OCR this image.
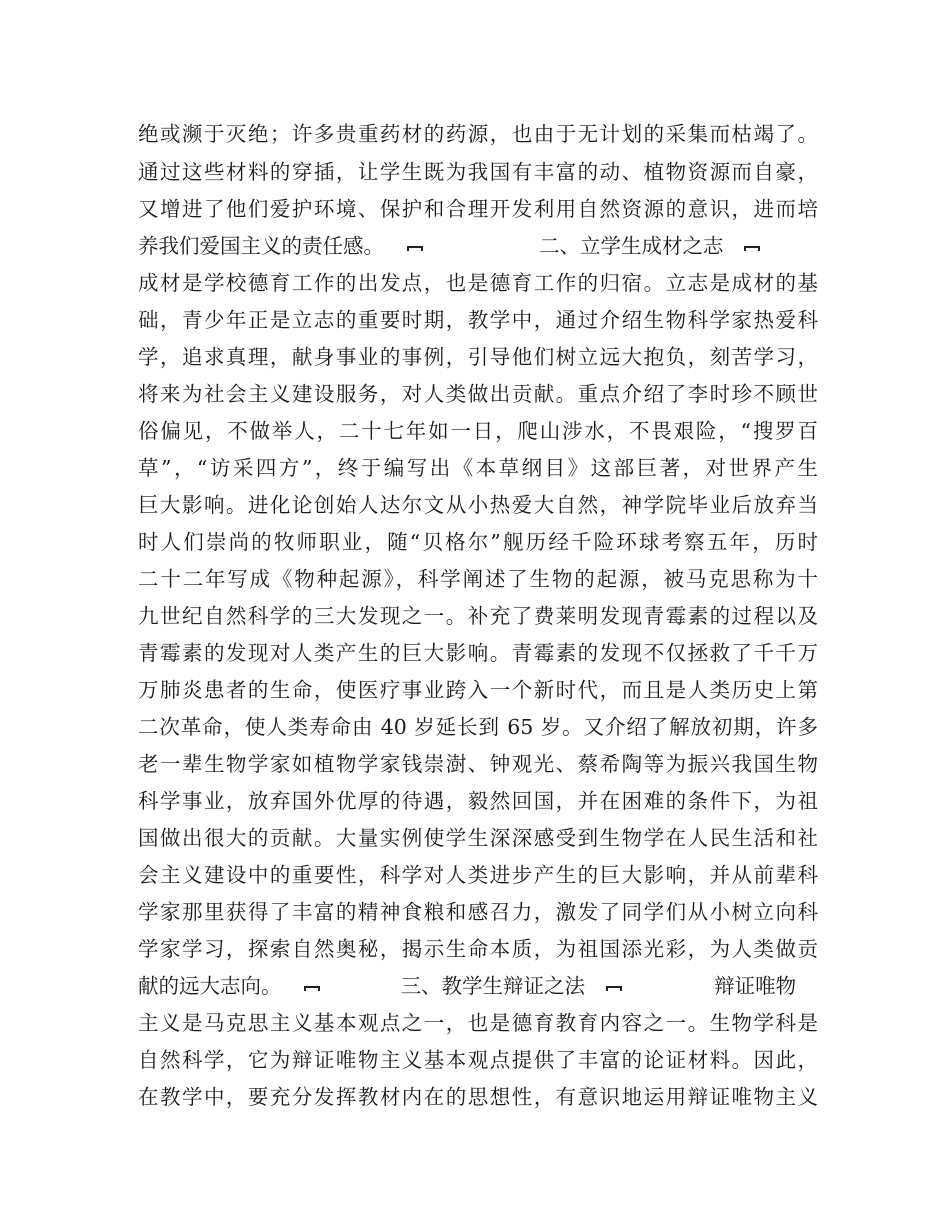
绝或濒于灭绝；许多贵重药材的药源，也由于无计划的采集而枯竭了。
通过这些材料的穿插，让学生既为我国有丰富的动、植物资源而自豪，
又增进了他们爱护环境、保护和合理开发利用自然资源的意识，进而培
养我们爱国主义的责任感。	二、立学生成材之志
成材是学校德育工作的出发点，也是德育工作的归宿。立志是成材的基
础，青少年正是立志的重要时期，教学中，通过介绍生物科学家热爱科
学，追求真理，献身事业的事例，引导他们树立远大抱负，刻苦学习，
将来为社会主义建设服务，对人类做出贡献。重点介绍了李时珍不顾世
俗偏见，不做举人，二十七年如一日，爬山涉水，不畏艰险，“搜罗百
草”，“访采四方”，终于编写出《本草纲目》这部巨著，对世界产生
巨大影响。进化论创始人达尔文从小热爱大自然，神学院毕业后放弃当
时人们崇尚的牧师职业，随“贝格尔”舰历经千险环球考察五年，历时
二十二年写成《物种起源》，科学阐述了生物的起源，被马克思称为十
九世纪自然科学的三大发现之一。补充了费莱明发现青霉素的过程以及
青霉素的发现对人类产生的巨大影响。青霉素的发现不仅拯救了千千万
万肺炎患者的生命，使医疗事业跨入一个新时代，而且是人类历史上第
二次革命，使人类寿命由 40 岁延长到 65 岁。又介绍了解放初期，许多
老一辈生物学家如植物学家钱崇澍、钟观光、蔡希陶等为振兴我国生物
科学事业，放弃国外优厚的待遇，毅然回国，并在困难的条件下，为祖
国做出很大的贡献。大量实例使学生深深感受到生物学在人民生活和社
会主义建设中的重要性，科学对人类进步产生的巨大影响，并从前辈科
学家那里获得了丰富的精神食粮和感召力，激发了同学们从小树立向科
学家学习，探索自然奥秘，揭示生命本质，为祖国添光彩，为人类做贡
献的远大志向。	三、教学生辩证之法	辩证唯物
主义是马克思主义基本观点之一，也是德育教育内容之一。生物学科是
自然科学，它为辩证唯物主义基本观点提供了丰富的论证材料。因此，
在教学中，要充分发挥教材内在的思想性，有意识地运用辩证唯物主义
